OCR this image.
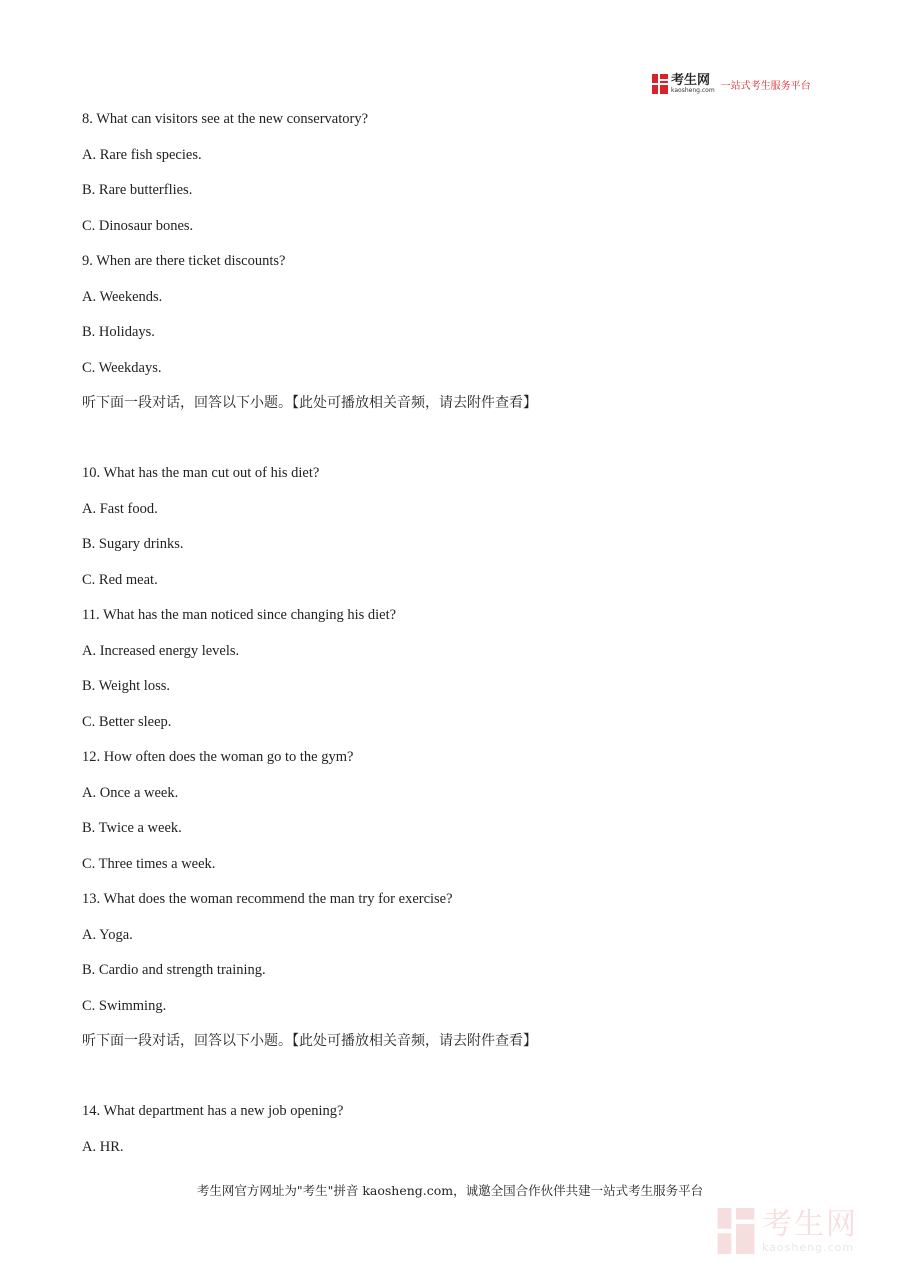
考生网
kaosheng.com 一站式考生服务平台
8. What can visitors see at the new conservatory?
A. Rare fish species.
B. Rare butterflies.
C. Dinosaur bones.
9. When are there ticket discounts?
A. Weekends.
B. Holidays.
C. Weekdays.
听下面一段对话，回答以下小题。【此处可播放相关音频，请去附件查看】
10. What has the man cut out of his diet?
A. Fast food.
B. Sugary drinks.
C. Red meat.
11. What has the man noticed since changing his diet?
A. Increased energy levels.
B. Weight loss.
C. Better sleep.
12. How often does the woman go to the gym?
A. Once a week.
B. Twice a week.
C. Three times a week.
13. What does the woman recommend the man try for exercise?
A. Yoga.
B. Cardio and strength training.
C. Swimming.
听下面一段对话，回答以下小题。【此处可播放相关音频，请去附件查看】
14. What department has a new job opening?
A. HR.
考生网官方网址为"考生"拼音 kaosheng.com，诚邀全国合作伙伴共建一站式考生服务平台
考生网
kaosheng.com
